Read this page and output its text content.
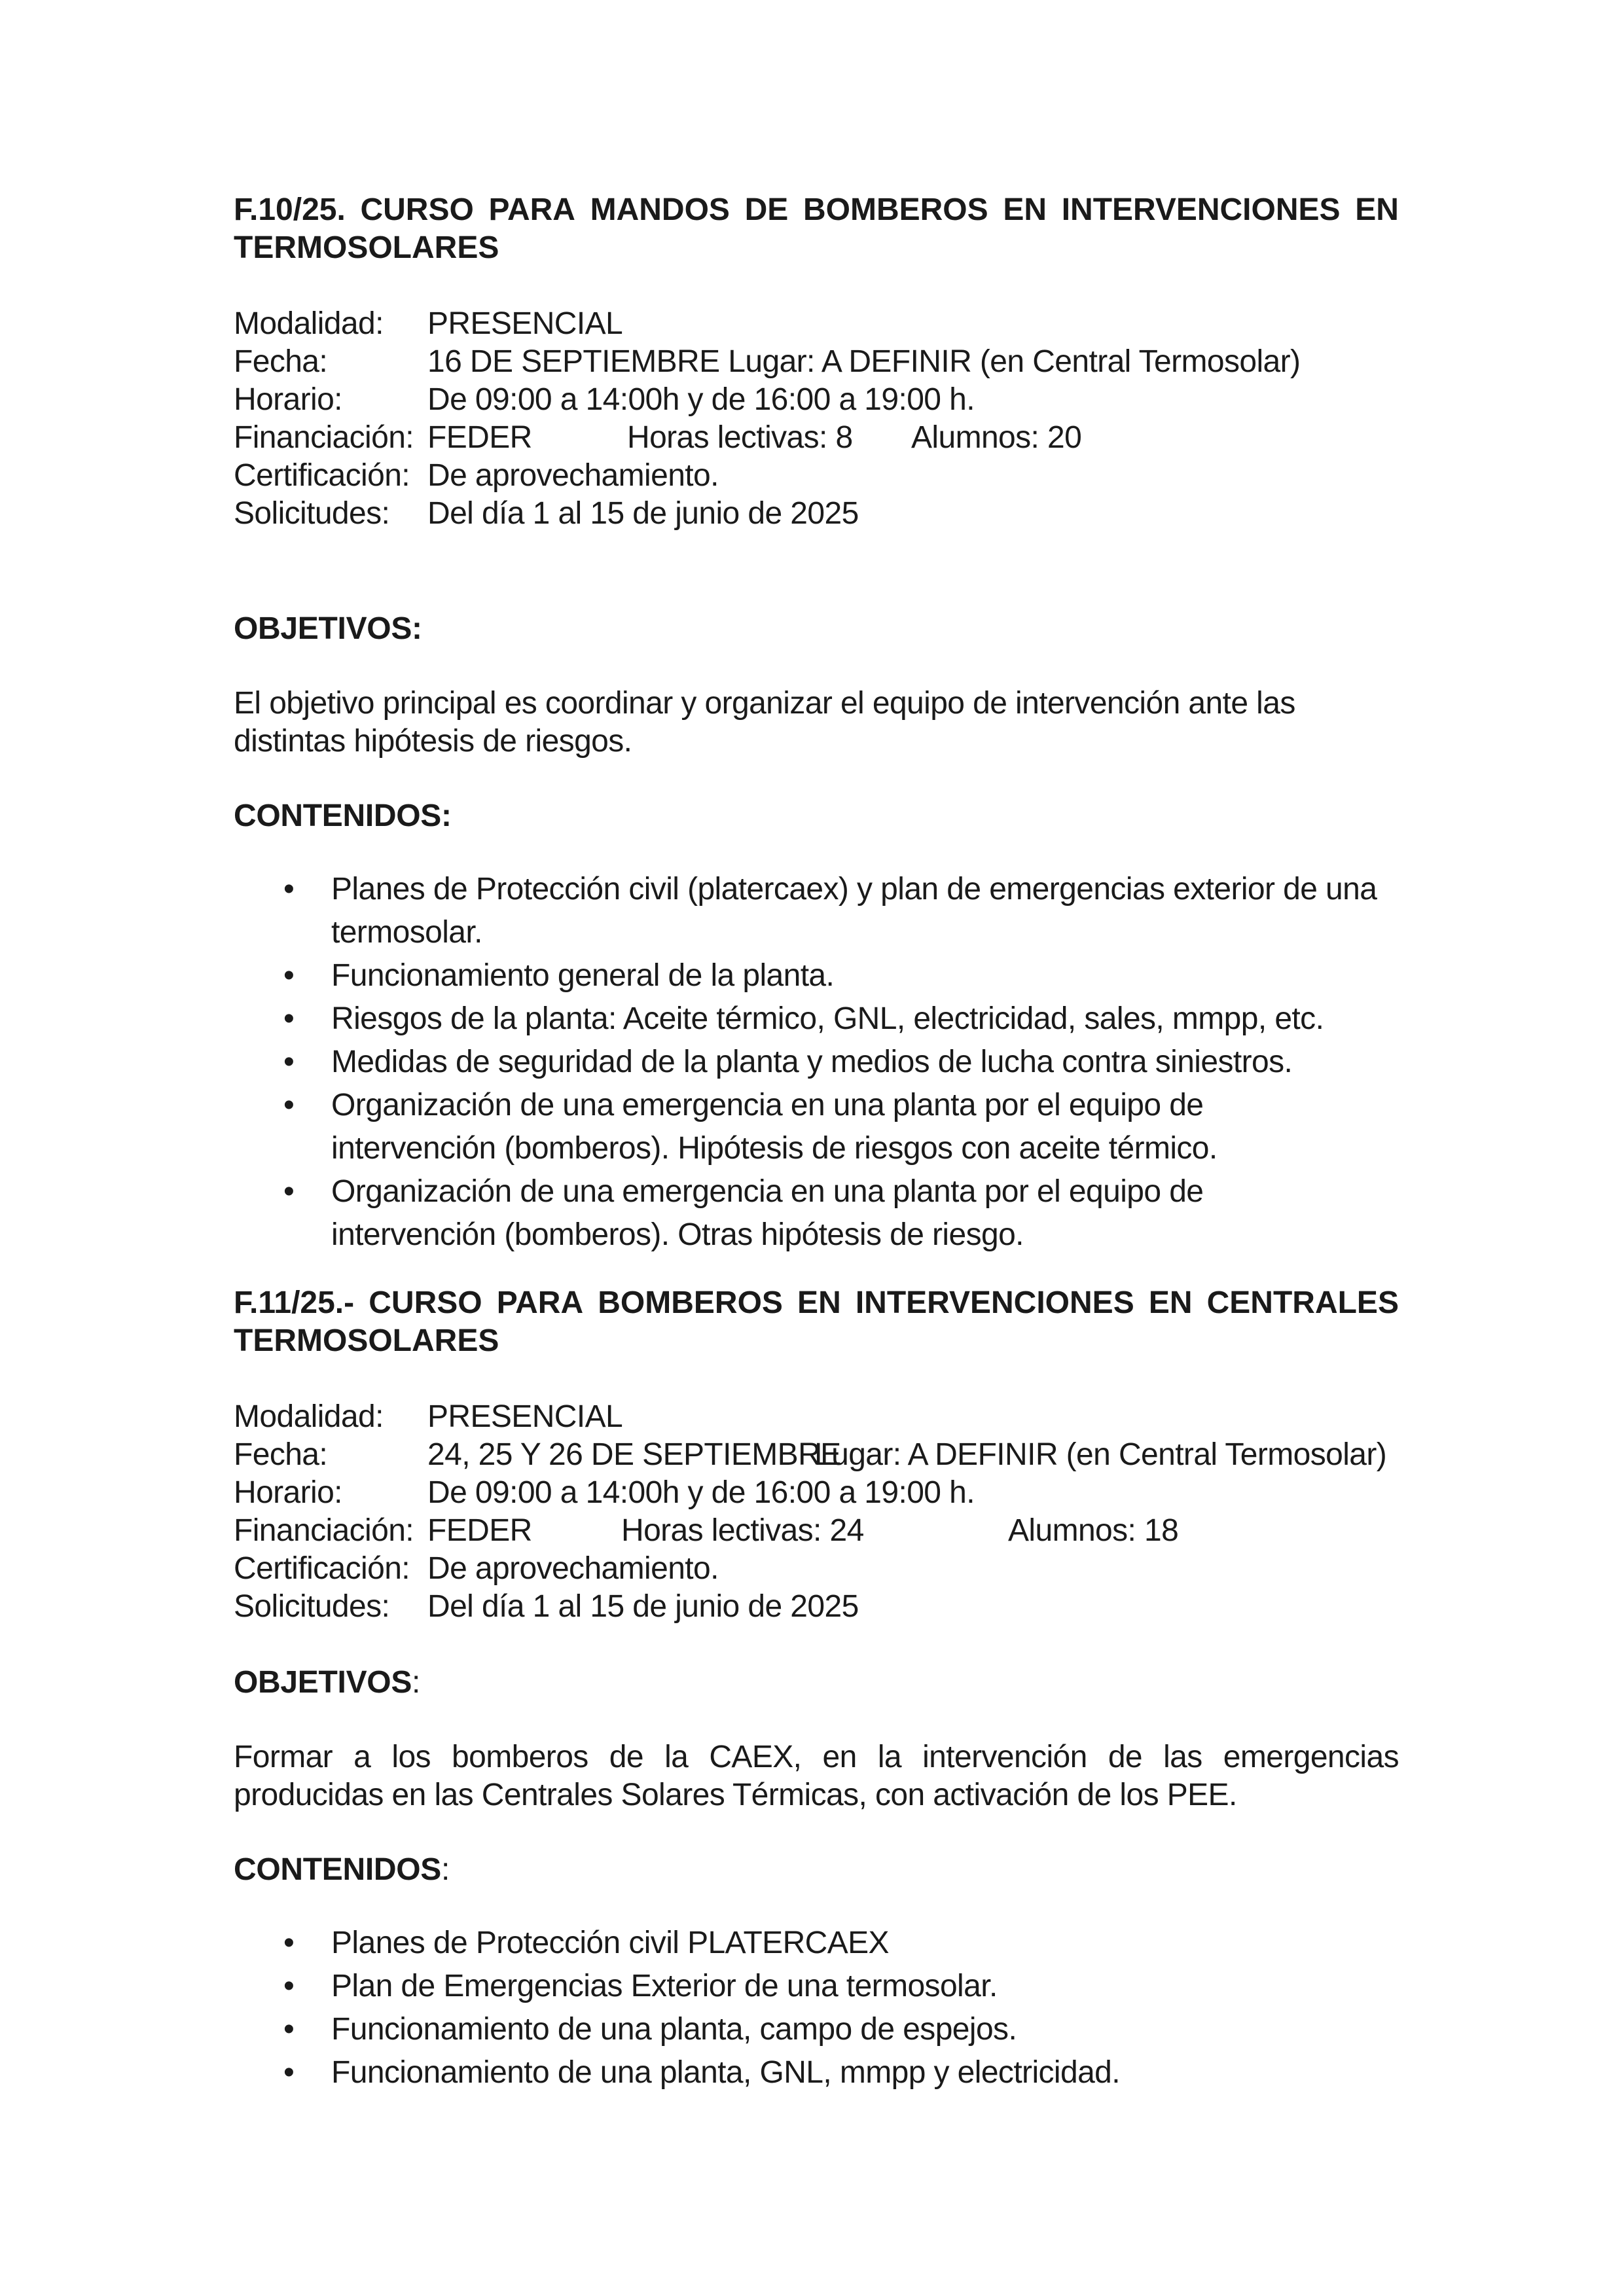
F.10/25. CURSO PARA MANDOS DE BOMBEROS EN INTERVENCIONES EN
TERMOSOLARES
Modalidad: PRESENCIAL
Fecha:	16 DE SEPTIEMBRE Lugar: A DEFINIR (en Central Termosolar)
Horario:	De 09:00 a 14:00h y de 16:00 a 19:00 h.
Financiación: FEDER	Horas lectivas: 8 Alumnos: 20
Certificación: De aprovechamiento.
Solicitudes: Del día 1 al 15 de junio de 2025
OBJETIVOS:

El objetivo principal es coordinar y organizar el equipo de intervención ante las distintas hipótesis de riesgos.

CONTENIDOS:
• Planes de Protección civil (platercaex) y plan de emergencias exterior de una termosolar.
• Funcionamiento general de la planta.
• Riesgos de la planta: Aceite térmico, GNL, electricidad, sales, mmpp, etc.
• Medidas de seguridad de la planta y medios de lucha contra siniestros.
• Organización de una emergencia en una planta por el equipo de intervención (bomberos). Hipótesis de riesgos con aceite térmico.
• Organización de una emergencia en una planta por el equipo de intervención (bomberos). Otras hipótesis de riesgo.
F.11/25.- CURSO PARA BOMBEROS EN INTERVENCIONES EN CENTRALES
TERMOSOLARES
Modalidad: PRESENCIAL
Fecha:	24, 25 Y 26 DE SEPTIEMBRE
Lugar: A DEFINIR (en Central Termosolar)
Horario:	De 09:00 a 14:00h y de 16:00 a 19:00 h.
Financiación: FEDER	Horas lectivas: 24	Alumnos: 18
Certificación: De aprovechamiento.
Solicitudes: Del día 1 al 15 de junio de 2025
OBJETIVOS:

Formar a los bomberos de la CAEX, en la intervención de las emergencias producidas en las Centrales Solares Térmicas, con activación de los PEE.

CONTENIDOS:
• Planes de Protección civil PLATERCAEX
• Plan de Emergencias Exterior de una termosolar.
• Funcionamiento de una planta, campo de espejos.
• Funcionamiento de una planta, GNL, mmpp y electricidad.
